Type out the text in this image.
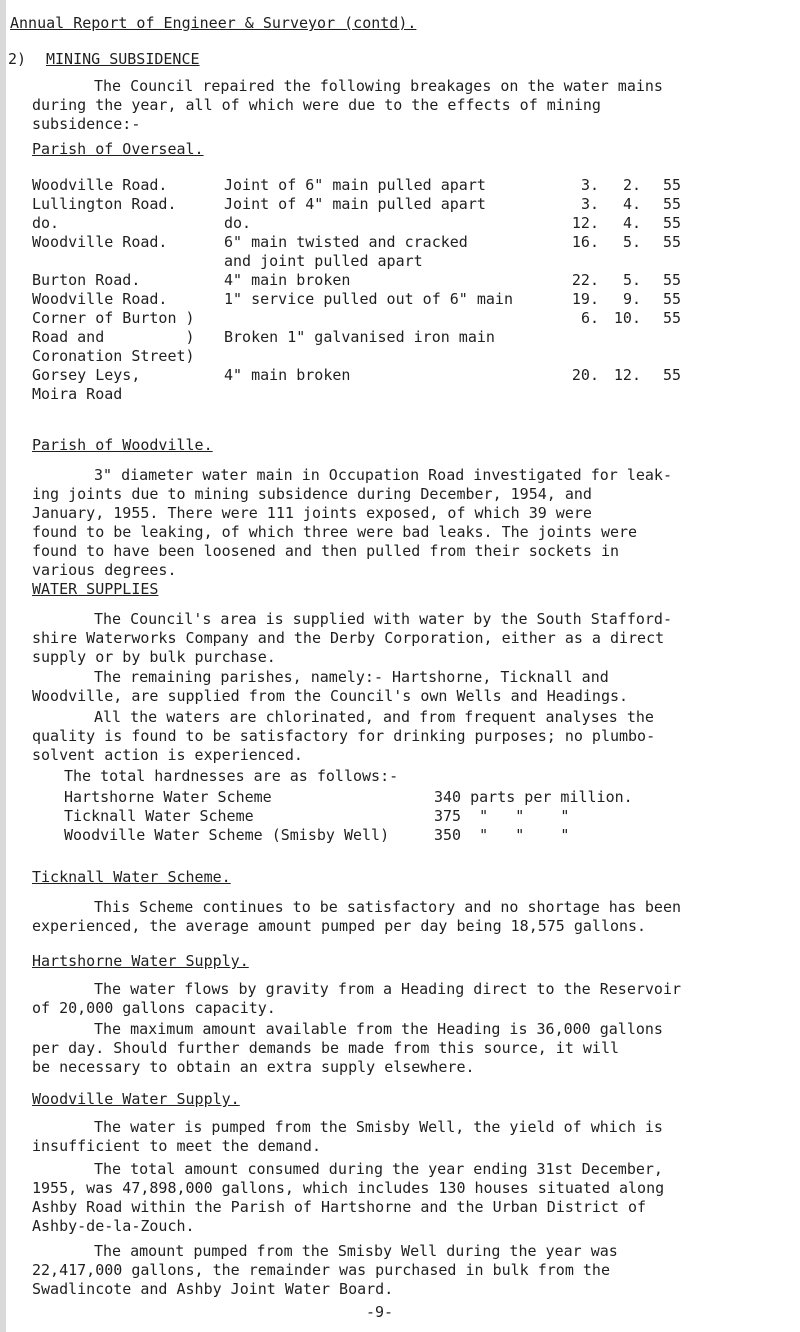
Annual Report of Engineer & Surveyor (contd).
2) MINING SUBSIDENCE
The Council repaired the following breakages on the water mains
during the year, all of which were due to the effects of mining
subsidence:-
Parish of Overseal.
Woodville Road.	Joint of 6" main pulled apart	3.	2.	55

Lullington Road.	Joint of 4" main pulled apart	3.	4.	55

do.	do.	12.	4.	55

Woodville Road.	6" main twisted and cracked
and joint pulled apart	16.	5.	55

Burton Road.	4" main broken	22.	5.	55

Woodville Road.	1" service pulled out of 6" main	19.	9.	55

Corner of Burton )
Road and         )
Coronation Street)	Broken 1" galvanised iron main	6.	10.	55

Gorsey Leys,
Moira Road	4" main broken	20.	12.	55
Parish of Woodville.
3" diameter water main in Occupation Road investigated for leak-
ing joints due to mining subsidence during December, 1954, and
January, 1955. There were 111 joints exposed, of which 39 were
found to be leaking, of which three were bad leaks. The joints were
found to have been loosened and then pulled from their sockets in
various degrees.
WATER SUPPLIES
The Council's area is supplied with water by the South Stafford-
shire Waterworks Company and the Derby Corporation, either as a direct
supply or by bulk purchase.
The remaining parishes, namely:- Hartshorne, Ticknall and
Woodville, are supplied from the Council's own Wells and Headings.
All the waters are chlorinated, and from frequent analyses the
quality is found to be satisfactory for drinking purposes; no plumbo-
solvent action is experienced.
The total hardnesses are as follows:-
Hartshorne Water Scheme	340 parts per million.
Ticknall Water Scheme	375  "   "    "
Woodville Water Scheme (Smisby Well)	350  "   "    "
Ticknall Water Scheme.
This Scheme continues to be satisfactory and no shortage has been
experienced, the average amount pumped per day being 18,575 gallons.
Hartshorne Water Supply.
The water flows by gravity from a Heading direct to the Reservoir
of 20,000 gallons capacity.
The maximum amount available from the Heading is 36,000 gallons
per day. Should further demands be made from this source, it will
be necessary to obtain an extra supply elsewhere.
Woodville Water Supply.
The water is pumped from the Smisby Well, the yield of which is
insufficient to meet the demand.
The total amount consumed during the year ending 31st December,
1955, was 47,898,000 gallons, which includes 130 houses situated along
Ashby Road within the Parish of Hartshorne and the Urban District of
Ashby-de-la-Zouch.
The amount pumped from the Smisby Well during the year was
22,417,000 gallons, the remainder was purchased in bulk from the
Swadlincote and Ashby Joint Water Board.
-9-
